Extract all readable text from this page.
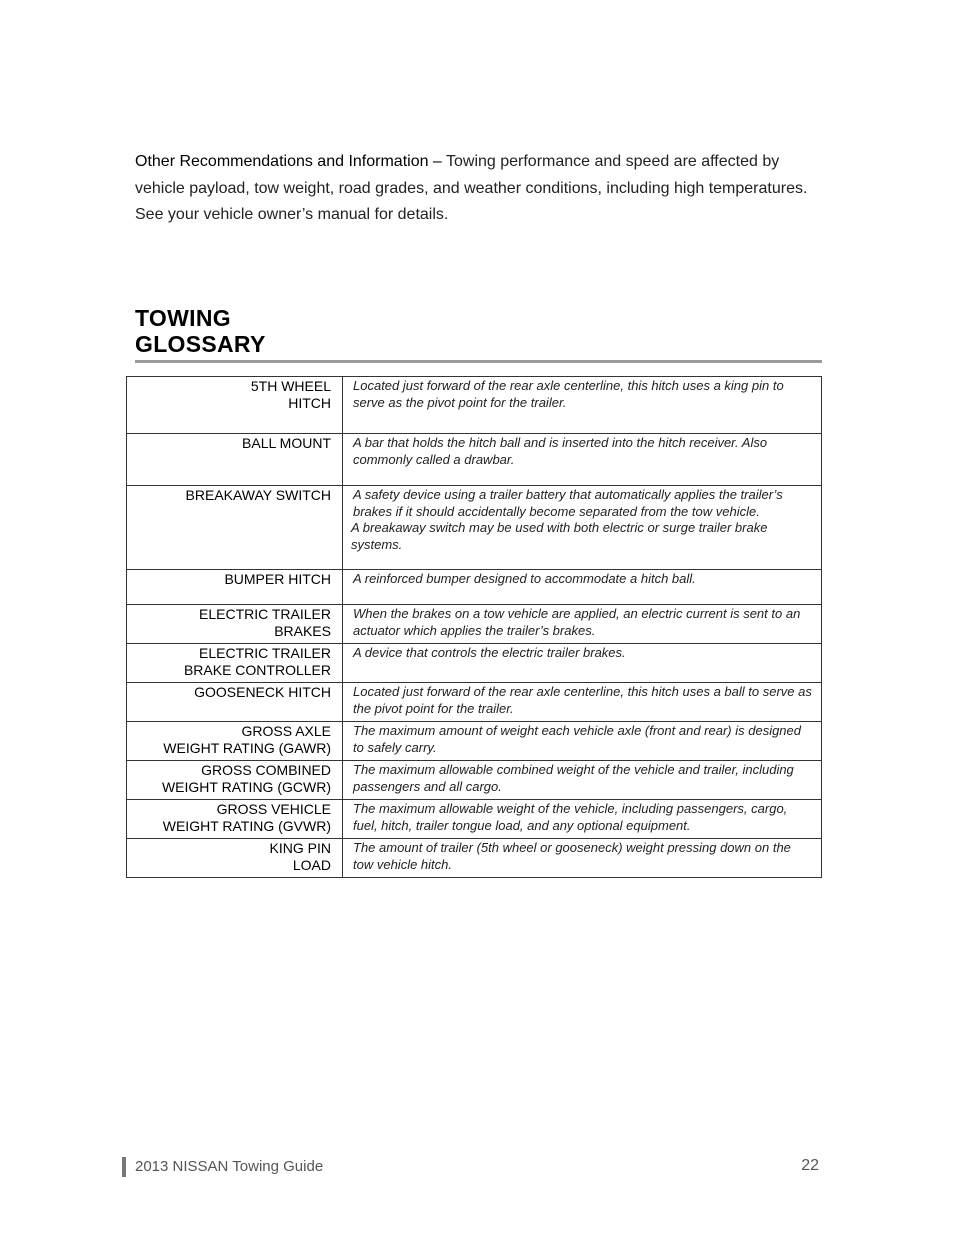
Other Recommendations and Information – Towing performance and speed are affected by vehicle payload, tow weight, road grades, and weather conditions, including high temperatures. See your vehicle owner’s manual for details.

TOWING
GLOSSARY
5TH WHEEL
HITCH	Located just forward of the rear axle centerline, this hitch uses a king pin to serve as the pivot point for the trailer.

BALL MOUNT	A bar that holds the hitch ball and is inserted into the hitch receiver. Also commonly called a drawbar.

BREAKAWAY SWITCH	A safety device using a trailer battery that automatically applies the trailer’s brakes if it should accidentally become separated from the tow vehicle.
A breakaway switch may be used with both electric or surge trailer brake systems.

BUMPER HITCH	A reinforced bumper designed to accommodate a hitch ball.

ELECTRIC TRAILER
BRAKES	When the brakes on a tow vehicle are applied, an electric current is sent to an actuator which applies the trailer’s brakes.

ELECTRIC TRAILER
BRAKE CONTROLLER	A device that controls the electric trailer brakes.

GOOSENECK HITCH	Located just forward of the rear axle centerline, this hitch uses a ball to serve as the pivot point for the trailer.

GROSS AXLE
WEIGHT RATING (GAWR)	The maximum amount of weight each vehicle axle (front and rear) is designed to safely carry.

GROSS COMBINED
WEIGHT RATING (GCWR)	The maximum allowable combined weight of the vehicle and trailer, including passengers and all cargo.

GROSS VEHICLE
WEIGHT RATING (GVWR)	The maximum allowable weight of the vehicle, including passengers, cargo, fuel, hitch, trailer tongue load, and any optional equipment.

KING PIN
LOAD	The amount of trailer (5th wheel or gooseneck) weight pressing down on the tow vehicle hitch.
2013 NISSAN Towing Guide	22
